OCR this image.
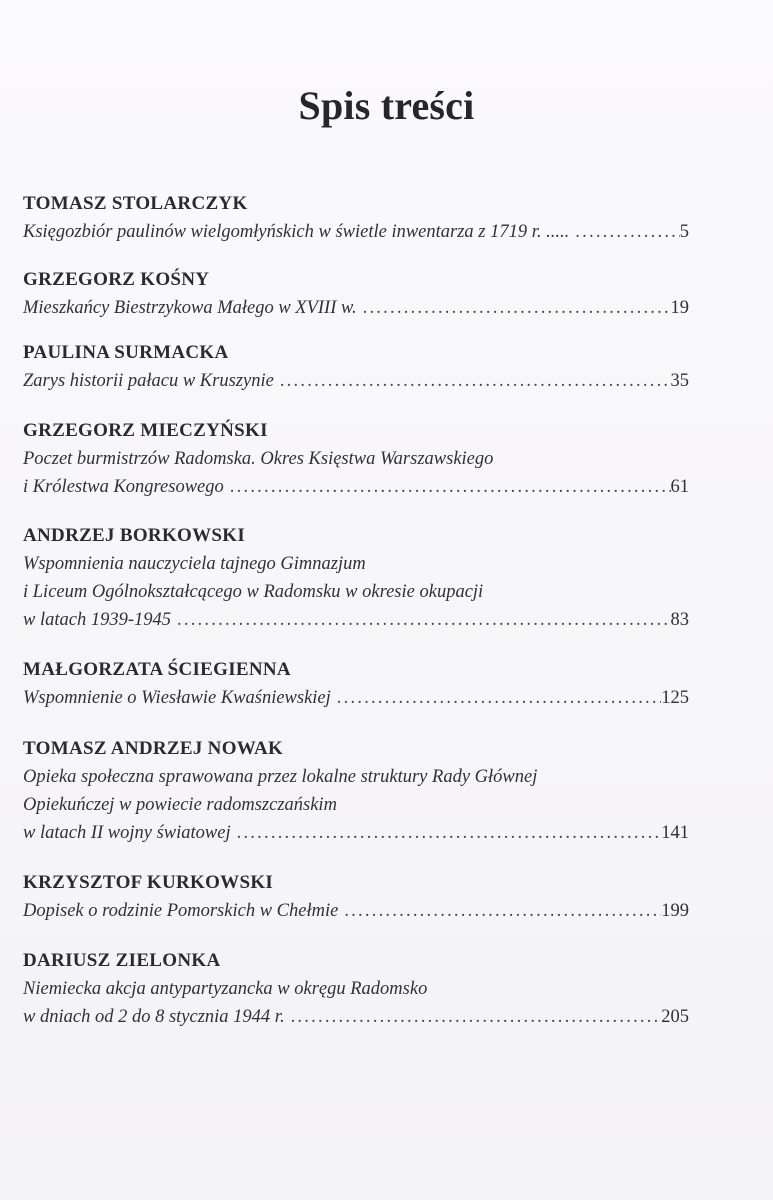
Spis treści
TOMASZ STOLARCZYK
Księgozbiór paulinów wielgomłyńskich w świetle inwentarza z 1719 r. ..... . . .	5
GRZEGORZ KOŚNY
Mieszkańcy Biestrzykowa Małego w XVIII w. . . .	19
PAULINA SURMACKA
Zarys historii pałacu w Kruszynie . . .	35
GRZEGORZ MIECZYŃSKI
Poczet burmistrzów Radomska. Okres Księstwa Warszawskiego
i Królestwa Kongresowego . . .	61
ANDRZEJ BORKOWSKI
Wspomnienia nauczyciela tajnego Gimnazjum
i Liceum Ogólnokształcącego w Radomsku w okresie okupacji
w latach 1939-1945 . . .	83
MAŁGORZATA ŚCIEGIENNA
Wspomnienie o Wiesławie Kwaśniewskiej . . .	125
TOMASZ ANDRZEJ NOWAK
Opieka społeczna sprawowana przez lokalne struktury Rady Głównej
Opiekuńczej w powiecie radomszczańskim
w latach II wojny światowej . . .	141
KRZYSZTOF KURKOWSKI
Dopisek o rodzinie Pomorskich w Chełmie . . .	199
DARIUSZ ZIELONKA
Niemiecka akcja antypartyzancka w okręgu Radomsko
w dniach od 2 do 8 stycznia 1944 r. . . .	205
